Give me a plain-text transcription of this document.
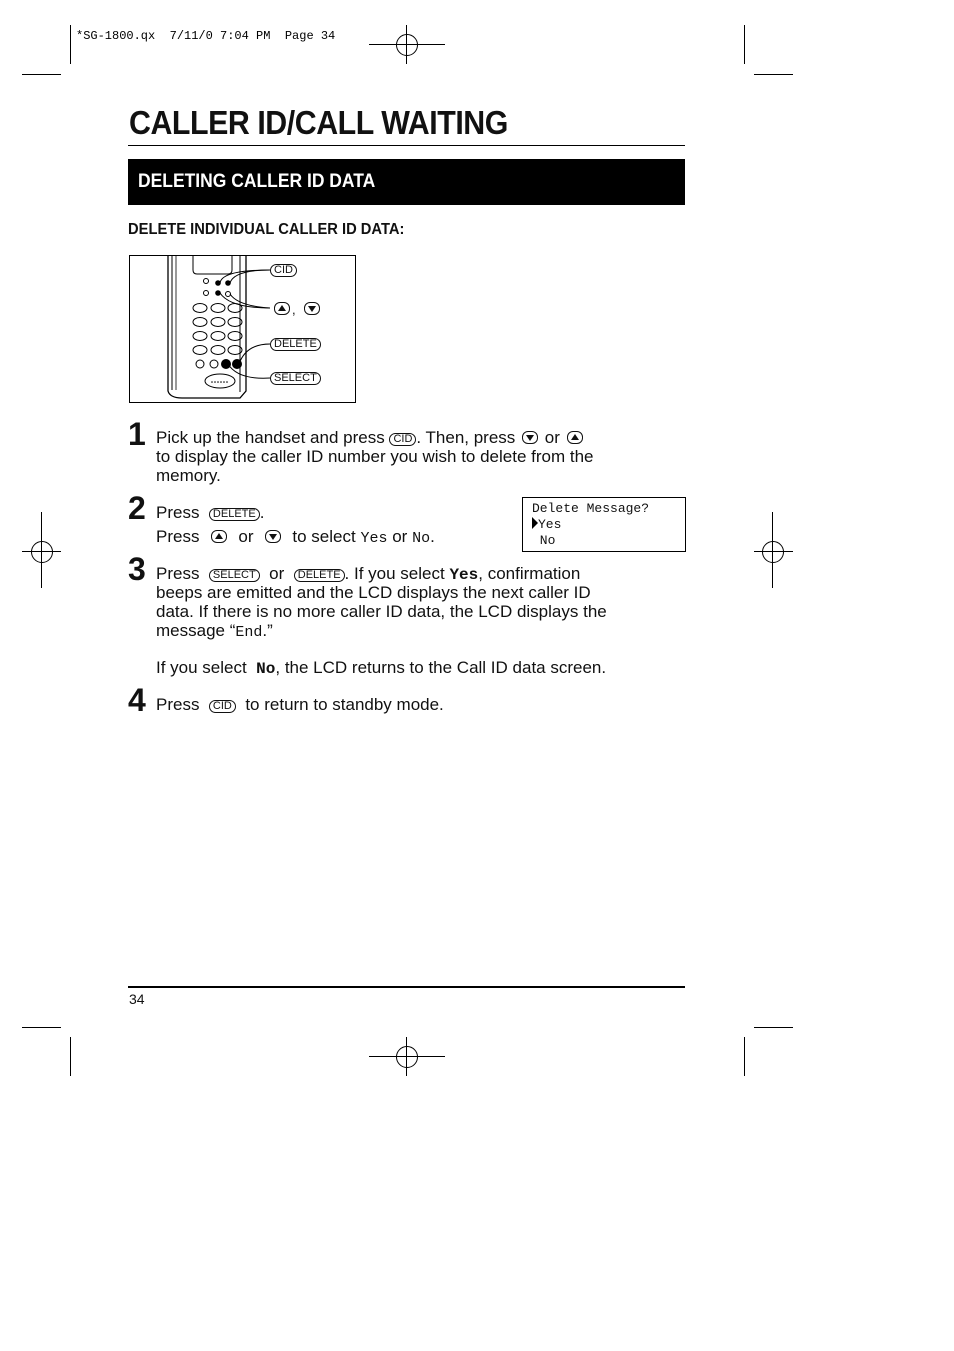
*SG-1800.qx  7/11/0 7:04 PM  Page 34
CALLER ID/CALL WAITING
DELETING CALLER ID DATA
DELETE INDIVIDUAL CALLER ID DATA:
CID
,
DELETE
SELECT
1 Pick up the handset and press CID . Then, press or
to display the caller ID number you wish to delete from the
memory.
2 Press DELETE .
Press or to select Yes or No.
Delete Message?
Yes
No
3 Press SELECT or DELETE . If you select Yes, confirmation
beeps are emitted and the LCD displays the next caller ID
data. If there is no more caller ID data, the LCD displays the
message “End.”
If you select No, the LCD returns to the Call ID data screen.
4 Press CID to return to standby mode.
34
